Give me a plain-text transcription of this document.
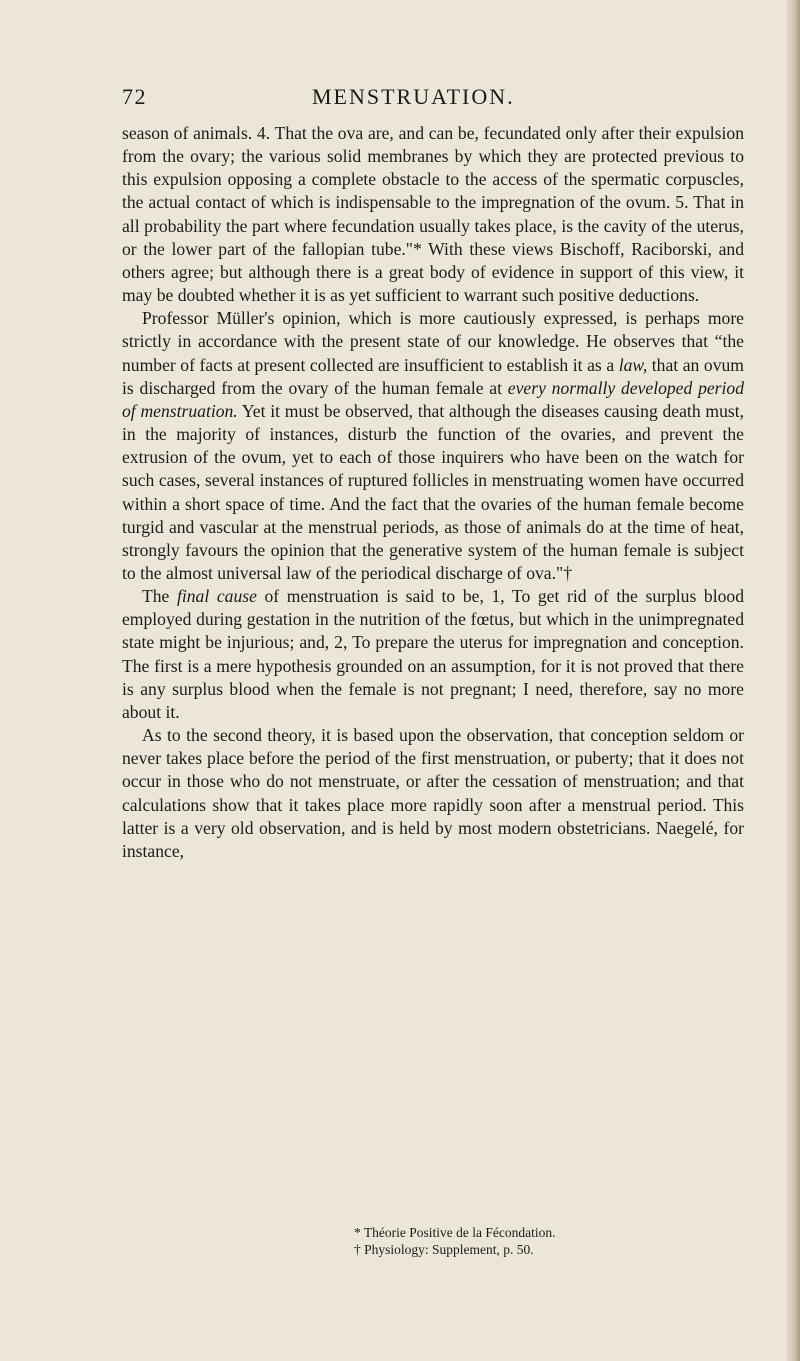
72	MENSTRUATION.

season of animals. 4. That the ova are, and can be, fecundated only after their expulsion from the ovary; the various solid membranes by which they are protected previous to this expulsion opposing a complete obstacle to the access of the spermatic corpuscles, the actual contact of which is indispensable to the impregnation of the ovum. 5. That in all probability the part where fecundation usually takes place, is the cavity of the uterus, or the lower part of the fallopian tube."* With these views Bischoff, Raciborski, and others agree; but although there is a great body of evidence in support of this view, it may be doubted whether it is as yet sufficient to warrant such positive deductions.

Professor Müller's opinion, which is more cautiously expressed, is perhaps more strictly in accordance with the present state of our knowledge. He observes that “the number of facts at present collected are insufficient to establish it as a law, that an ovum is discharged from the ovary of the human female at every normally developed period of menstruation. Yet it must be observed, that although the diseases causing death must, in the majority of instances, disturb the function of the ovaries, and prevent the extrusion of the ovum, yet to each of those inquirers who have been on the watch for such cases, several instances of ruptured follicles in menstruating women have occurred within a short space of time. And the fact that the ovaries of the human female become turgid and vascular at the menstrual periods, as those of animals do at the time of heat, strongly favours the opinion that the generative system of the human female is subject to the almost universal law of the periodical discharge of ova."†

The final cause of menstruation is said to be, 1, To get rid of the surplus blood employed during gestation in the nutrition of the fœtus, but which in the unimpregnated state might be injurious; and, 2, To prepare the uterus for impregnation and conception. The first is a mere hypothesis grounded on an assumption, for it is not proved that there is any surplus blood when the female is not pregnant; I need, therefore, say no more about it.

As to the second theory, it is based upon the observation, that conception seldom or never takes place before the period of the first menstruation, or puberty; that it does not occur in those who do not menstruate, or after the cessation of menstruation; and that calculations show that it takes place more rapidly soon after a menstrual period. This latter is a very old observation, and is held by most modern obstetricians. Naegelé, for instance,

* Théorie Positive de la Fécondation.
† Physiology: Supplement, p. 50.
